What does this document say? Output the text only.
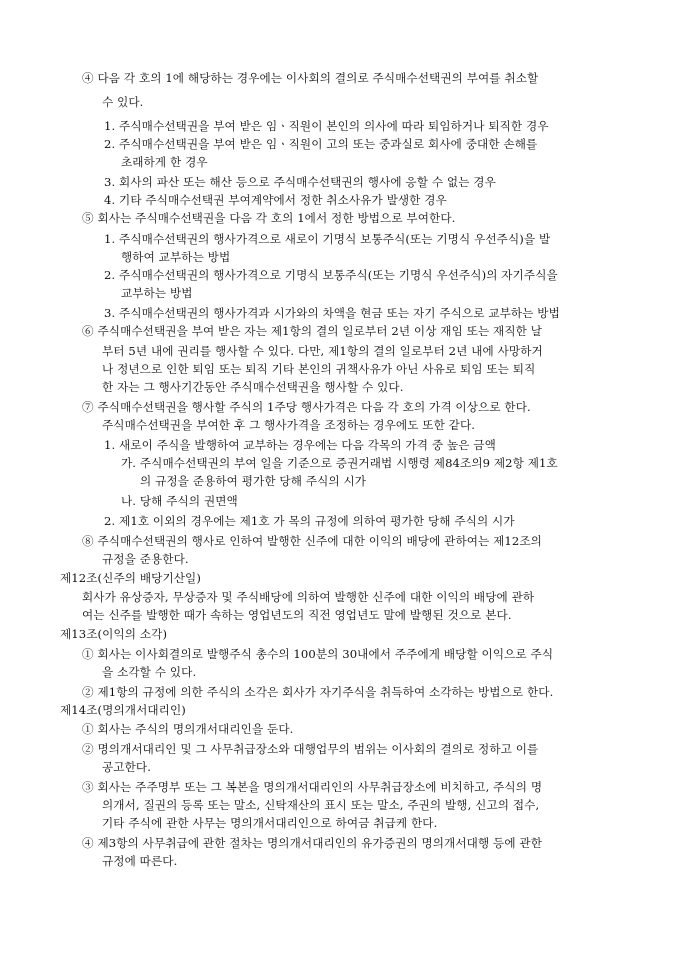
④ 다음 각 호의 1에 해당하는 경우에는 이사회의 결의로 주식매수선택권의 부여를 취소할
수 있다.
1. 주식매수선택권을 부여 받은 임ㆍ직원이 본인의 의사에 따라 퇴임하거나 퇴직한 경우
2. 주식매수선택권을 부여 받은 임ㆍ직원이 고의 또는 중과실로 회사에 중대한 손해를
초래하게 한 경우
3. 회사의 파산 또는 해산 등으로 주식매수선택권의 행사에 응할 수 없는 경우
4. 기타 주식매수선택권 부여계약에서 정한 취소사유가 발생한 경우
⑤ 회사는 주식매수선택권을 다음 각 호의 1에서 정한 방법으로 부여한다.
1. 주식매수선택권의 행사가격으로 새로이 기명식 보통주식(또는 기명식 우선주식)을 발
행하여 교부하는 방법
2. 주식매수선택권의 행사가격으로 기명식 보통주식(또는 기명식 우선주식)의 자기주식을
교부하는 방법
3. 주식매수선택권의 행사가격과 시가와의 차액을 현금 또는 자기 주식으로 교부하는 방법
⑥ 주식매수선택권을 부여 받은 자는 제1항의 결의 일로부터 2년 이상 재임 또는 재직한 날
부터 5년 내에 권리를 행사할 수 있다. 다만, 제1항의 결의 일로부터 2년 내에 사망하거
나 정년으로 인한 퇴임 또는 퇴직 기타 본인의 귀책사유가 아닌 사유로 퇴임 또는 퇴직
한 자는 그 행사기간동안 주식매수선택권을 행사할 수 있다.
⑦ 주식매수선택권을 행사할 주식의 1주당 행사가격은 다음 각 호의 가격 이상으로 한다.
주식매수선택권을 부여한 후 그 행사가격을 조정하는 경우에도 또한 같다.
1. 새로이 주식을 발행하여 교부하는 경우에는 다음 각목의 가격 중 높은 금액
가. 주식매수선택권의 부여 일을 기준으로 증권거래법 시행령 제84조의9 제2항 제1호
의 규정을 준용하여 평가한 당해 주식의 시가
나. 당해 주식의 권면액
2. 제1호 이외의 경우에는 제1호 가 목의 규정에 의하여 평가한 당해 주식의 시가
⑧ 주식매수선택권의 행사로 인하여 발행한 신주에 대한 이익의 배당에 관하여는 제12조의
규정을 준용한다.
제12조(신주의 배당기산일)
회사가 유상증자, 무상증자 및 주식배당에 의하여 발행한 신주에 대한 이익의 배당에 관하
여는 신주를 발행한 때가 속하는 영업년도의 직전 영업년도 말에 발행된 것으로 본다.
제13조(이익의 소각)
① 회사는 이사회결의로 발행주식 총수의 100분의 30내에서 주주에게 배당할 이익으로 주식
을 소각할 수 있다.
② 제1항의 규정에 의한 주식의 소각은 회사가 자기주식을 취득하여 소각하는 방법으로 한다.
제14조(명의개서대리인)
① 회사는 주식의 명의개서대리인을 둔다.
② 명의개서대리인 및 그 사무취급장소와 대행업무의 범위는 이사회의 결의로 정하고 이를
공고한다.
③ 회사는 주주명부 또는 그 복본을 명의개서대리인의 사무취급장소에 비치하고, 주식의 명
의개서, 질권의 등록 또는 말소, 신탁재산의 표시 또는 말소, 주권의 발행, 신고의 접수,
기타 주식에 관한 사무는 명의개서대리인으로 하여금 취급케 한다.
④ 제3항의 사무취급에 관한 절차는 명의개서대리인의 유가증권의 명의개서대행 등에 관한
규정에 따른다.
